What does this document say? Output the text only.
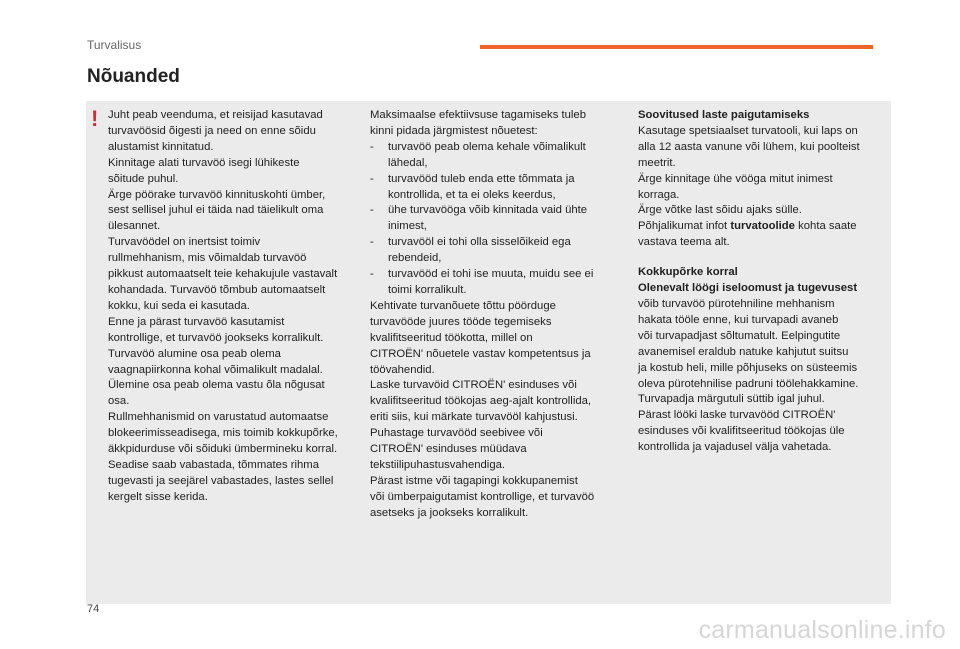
Turvalisus
Nõuanded
! Juht peab veenduma, et reisijad kasutavad

turvavöösid õigesti ja need on enne sõidu

alustamist kinnitatud.

Kinnitage alati turvavöö isegi lühikeste

sõitude puhul.

Ärge pöörake turvavöö kinnituskohti ümber,

sest sellisel juhul ei täida nad täielikult oma

ülesannet.

Turvavöödel on inertsist toimiv

rullmehhanism, mis võimaldab turvavöö

pikkust automaatselt teie kehakujule vastavalt

kohandada. Turvavöö tõmbub automaatselt

kokku, kui seda ei kasutada.

Enne ja pärast turvavöö kasutamist

kontrollige, et turvavöö jookseks korralikult.

Turvavöö alumine osa peab olema

vaagnapiirkonna kohal võimalikult madalal.

Ülemine osa peab olema vastu õla nõgusat

osa.

Rullmehhanismid on varustatud automaatse

blokeerimisseadisega, mis toimib kokkupõrke,

äkkpidurduse või sõiduki ümbermineku korral.

Seadise saab vabastada, tõmmates rihma

tugevasti ja seejärel vabastades, lastes sellel

kergelt sisse kerida.

Maksimaalse efektiivsuse tagamiseks tuleb

kinni pidada järgmistest nõuetest:

- turvavöö peab olema kehale võimalikult
lähedal,
- turvavööd tuleb enda ette tõmmata ja
kontrollida, et ta ei oleks keerdus,
- ühe turvavööga võib kinnitada vaid ühte
inimest,
- turvavööl ei tohi olla sisselõikeid ega
rebendeid,
- turvavööd ei tohi ise muuta, muidu see ei
toimi korralikult.

Kehtivate turvanõuete tõttu pöörduge

turvavööde juures tööde tegemiseks

kvalifitseeritud töökotta, millel on

CITROËN' nõuetele vastav kompetentsus ja

töövahendid.

Laske turvavöid CITROËN' esinduses või

kvalifitseeritud töökojas aeg-ajalt kontrollida,

eriti siis, kui märkate turvavööl kahjustusi.

Puhastage turvavööd seebivee või

CITROËN' esinduses müüdava

tekstiilipuhastusvahendiga.

Pärast istme või tagapingi kokkupanemist

või ümberpaigutamist kontrollige, et turvavöö

asetseks ja jookseks korralikult.

Soovitused laste paigutamiseks

Kasutage spetsiaalset turvatooli, kui laps on

alla 12 aasta vanune või lühem, kui poolteist

meetrit.

Ärge kinnitage ühe vööga mitut inimest

korraga.

Ärge võtke last sõidu ajaks sülle.

Põhjalikumat infot turvatoolide kohta saate

vastava teema alt.

Kokkupõrke korral

Olenevalt löögi iseloomust ja tugevusest

võib turvavöö pürotehniline mehhanism

hakata tööle enne, kui turvapadi avaneb

või turvapadjast sõltumatult. Eelpingutite

avanemisel eraldub natuke kahjutut suitsu

ja kostub heli, mille põhjuseks on süsteemis

oleva pürotehnilise padruni töölehakkamine.

Turvapadja märgutuli süttib igal juhul.

Pärast lööki laske turvavööd CITROËN'

esinduses või kvalifitseeritud töökojas üle

kontrollida ja vajadusel välja vahetada.

74
carmanualsonline.info
